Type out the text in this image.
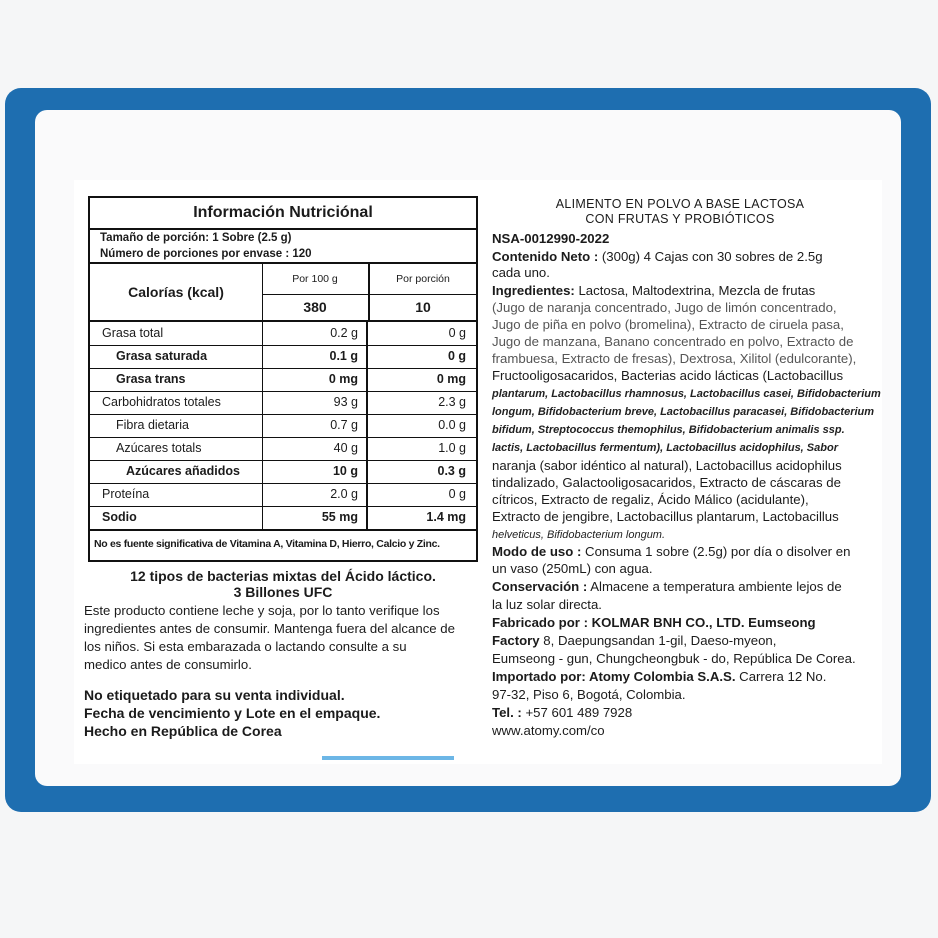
Información Nutriciónal
Tamaño de porción: 1 Sobre (2.5 g)
Número de porciones por envase : 120
Calorías (kcal)
Por 100 g	Por porción
380	10
Grasa total	0.2 g	0 g
Grasa saturada	0.1 g	0 g
Grasa trans	0 mg	0 mg
Carbohidratos totales	93 g	2.3 g
Fibra dietaria	0.7 g	0.0 g
Azúcares totals	40 g	1.0 g
Azúcares añadidos	10 g	0.3 g
Proteína	2.0 g	0 g
Sodio	55 mg	1.4 mg
No es fuente significativa de Vitamina A, Vitamina D, Hierro, Calcio y Zinc.
12 tipos de bacterias mixtas del Ácido láctico.
3 Billones UFC
Este producto contiene leche y soja, por lo tanto verifique los
ingredientes antes de consumir. Mantenga fuera del alcance de
los niños. Si esta embarazada o lactando consulte a su
medico antes de consumirlo.
No etiquetado para su venta individual.
Fecha de vencimiento y Lote en el empaque.
Hecho en República de Corea
ALIMENTO EN POLVO A BASE LACTOSA
CON FRUTAS Y PROBIÓTICOS
NSA-0012990-2022
Contenido Neto : (300g) 4 Cajas con 30 sobres de 2.5g
cada uno.
Ingredientes: Lactosa, Maltodextrina, Mezcla de frutas
(Jugo de naranja concentrado, Jugo de limón concentrado,
Jugo de piña en polvo (bromelina), Extracto de ciruela pasa,
Jugo de manzana, Banano concentrado en polvo, Extracto de
frambuesa, Extracto de fresas), Dextrosa, Xilitol (edulcorante),
Fructooligosacaridos, Bacterias acido lácticas (Lactobacillus
plantarum, Lactobacillus rhamnosus, Lactobacillus casei, Bifidobacterium
longum, Bifidobacterium breve, Lactobacillus paracasei, Bifidobacterium
bifidum, Streptococcus themophilus, Bifidobacterium animalis ssp.
lactis, Lactobacillus fermentum), Lactobacillus acidophilus, Sabor
naranja (sabor idéntico al natural), Lactobacillus acidophilus
tindalizado, Galactooligosacaridos, Extracto de cáscaras de
cítricos, Extracto de regaliz, Ácido Málico (acidulante),
Extracto de jengibre, Lactobacillus plantarum, Lactobacillus
helveticus, Bifidobacterium longum.
Modo de uso : Consuma 1 sobre (2.5g) por día o disolver en
un vaso (250mL) con agua.
Conservación : Almacene a temperatura ambiente lejos de
la luz solar directa.
Fabricado por : KOLMAR BNH CO., LTD. Eumseong
Factory 8, Daepungsandan 1-gil, Daeso-myeon,
Eumseong - gun, Chungcheongbuk - do, República De Corea.
Importado por: Atomy Colombia S.A.S. Carrera 12 No.
97-32, Piso 6, Bogotá, Colombia.
Tel. : +57 601 489 7928
www.atomy.com/co
